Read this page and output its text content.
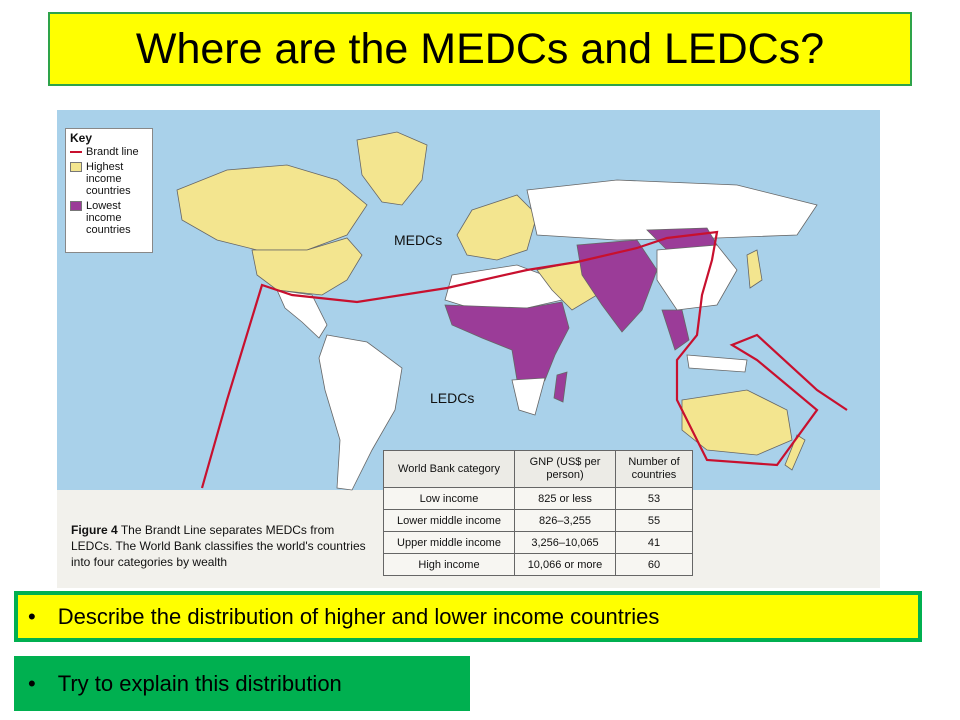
Where are the MEDCs and LEDCs?
Key
Brandt line
Highest income countries
Lowest income countries
MEDCs
LEDCs
World Bank category	GNP (US$ per person)	Number of countries
Low income	825 or less	53
Lower middle income	826–3,255	55
Upper middle income	3,256–10,065	41
High income	10,066 or more	60
Figure 4 The Brandt Line separates MEDCs from LEDCs. The World Bank classifies the world's countries into four categories by wealth
• Describe the distribution of higher and lower income countries
• Try to explain this distribution
